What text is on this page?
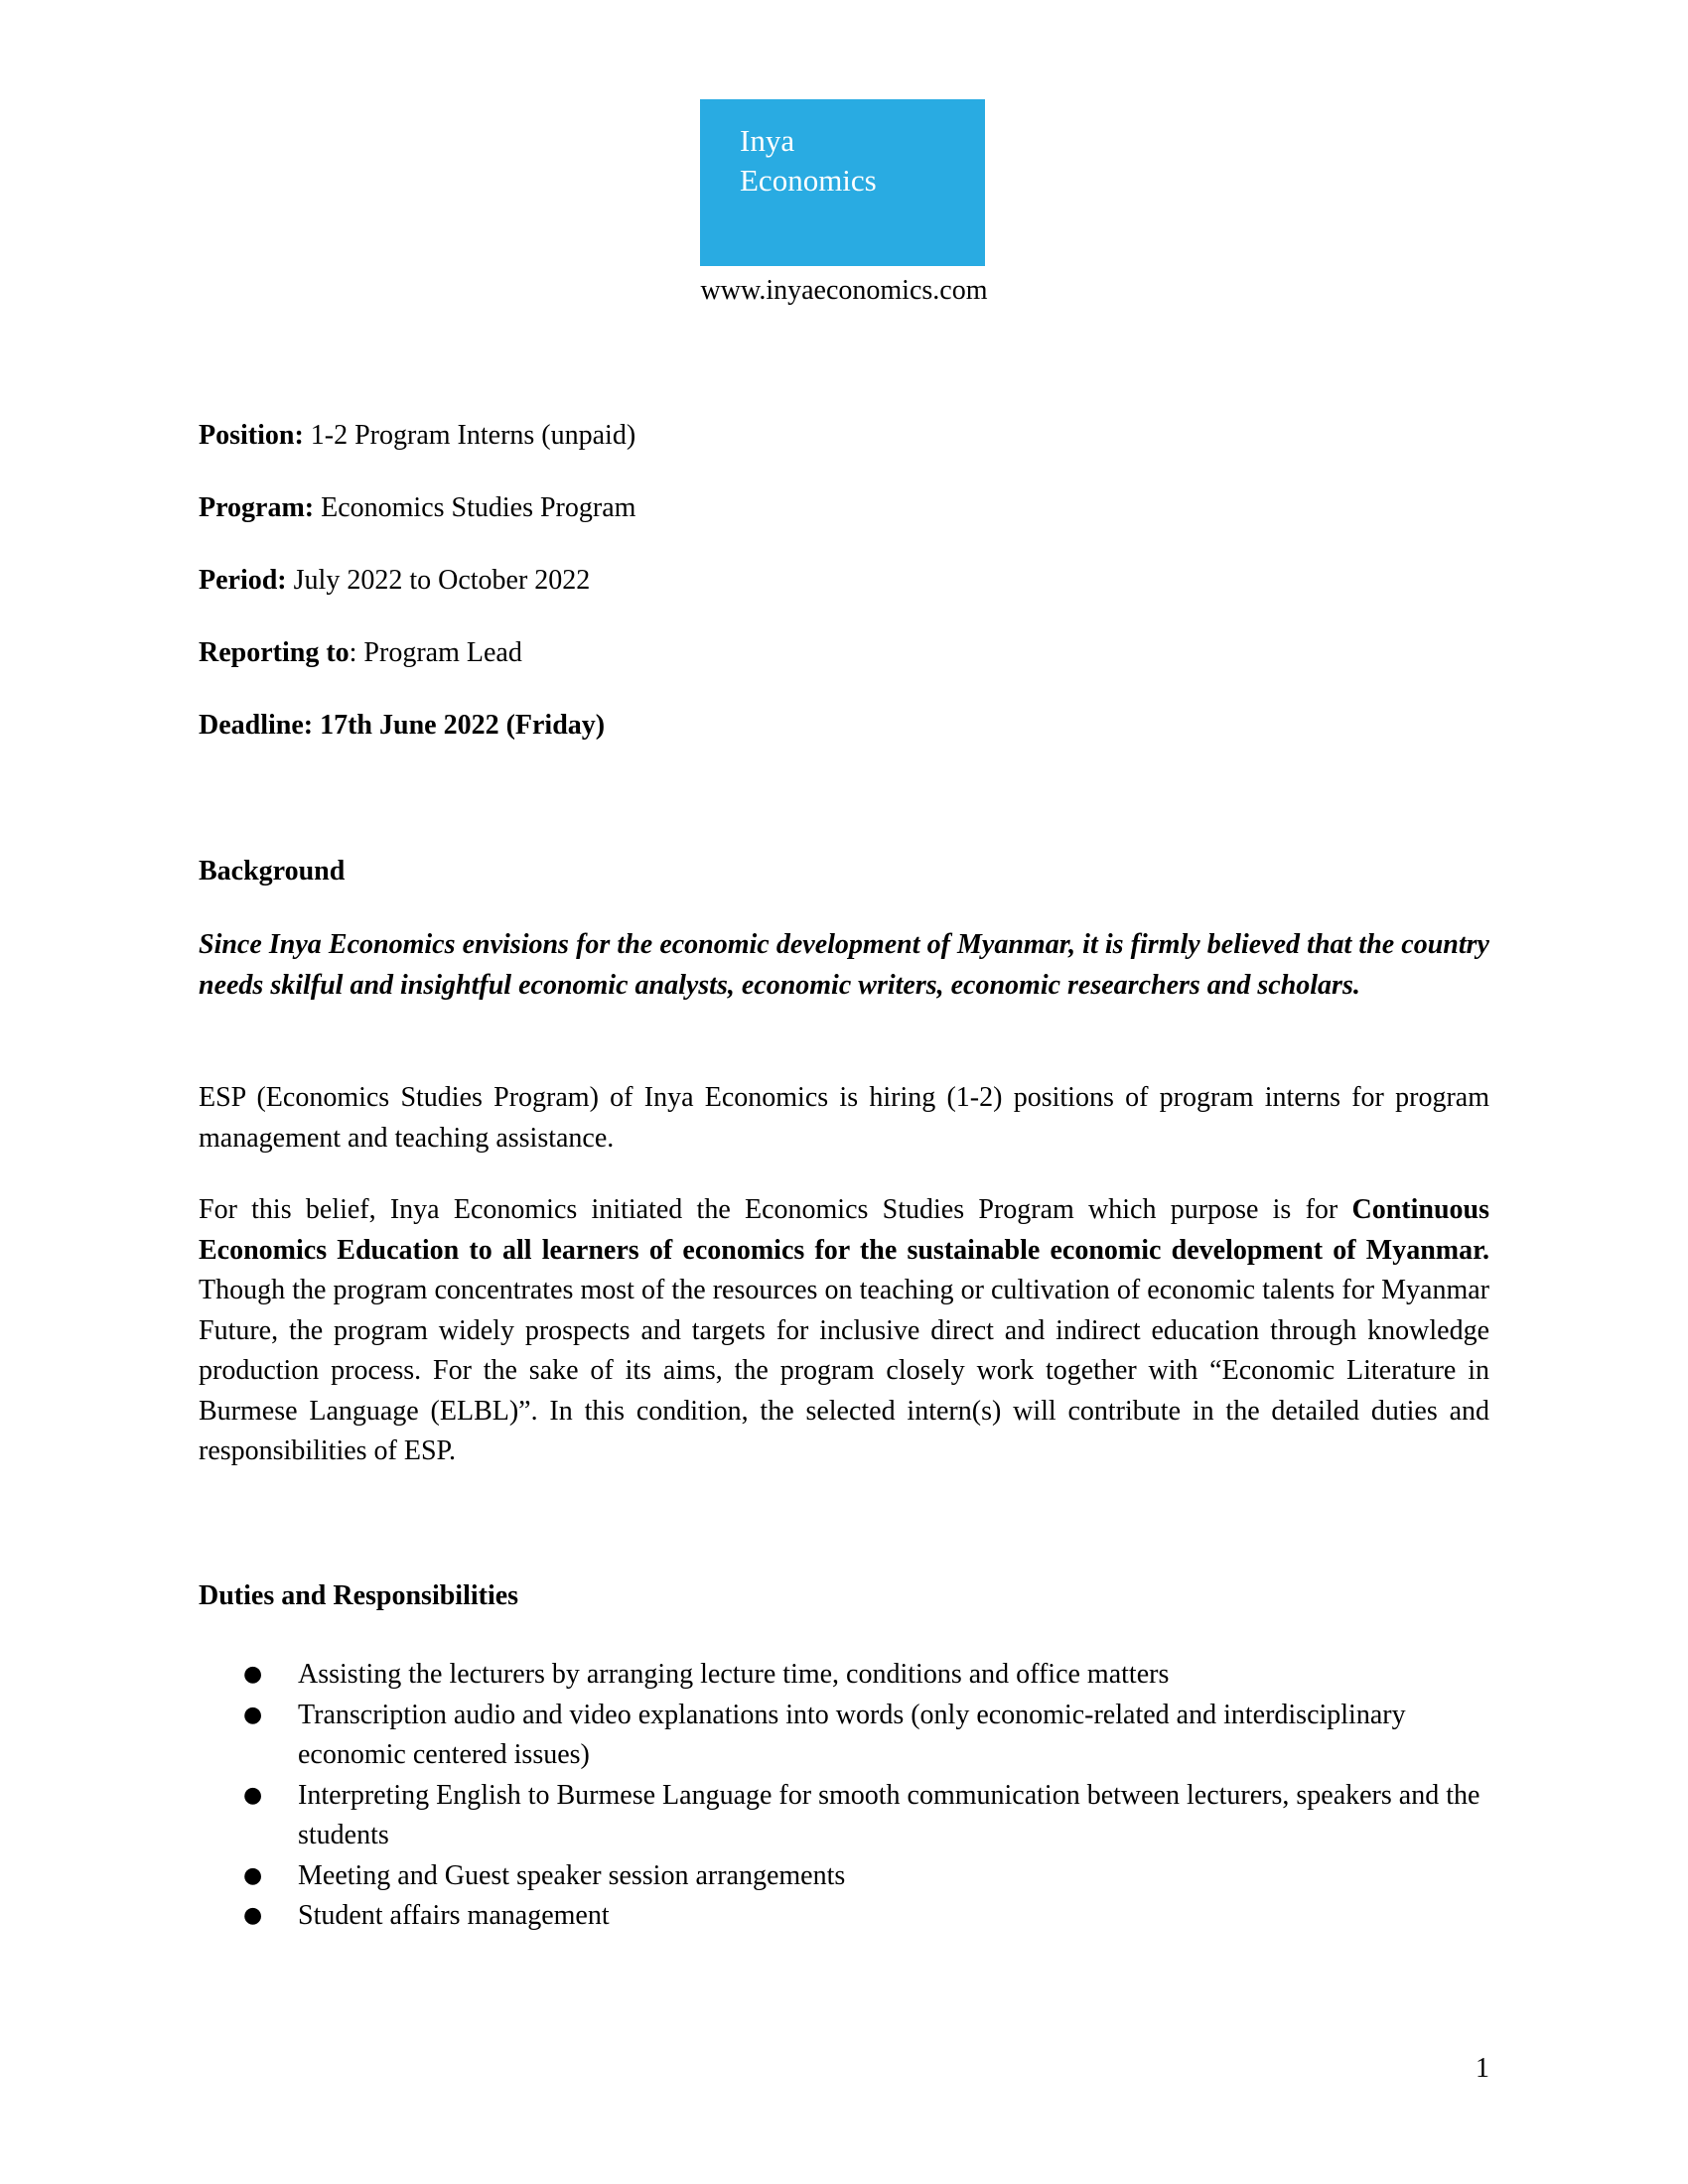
Inya
Economics
www.inyaeconomics.com
Position: 1-2 Program Interns (unpaid)
Program: Economics Studies Program
Period: July 2022 to October 2022
Reporting to: Program Lead
Deadline: 17th June 2022 (Friday)
Background
Since Inya Economics envisions for the economic development of Myanmar, it is firmly believed that the country needs skilful and insightful economic analysts, economic writers, economic researchers and scholars.
ESP (Economics Studies Program) of Inya Economics is hiring (1-2) positions of program interns for program management and teaching assistance.
For this belief, Inya Economics initiated the Economics Studies Program which purpose is for Continuous Economics Education to all learners of economics for the sustainable economic development of Myanmar. Though the program concentrates most of the resources on teaching or cultivation of economic talents for Myanmar Future, the program widely prospects and targets for inclusive direct and indirect education through knowledge production process. For the sake of its aims, the program closely work together with “Economic Literature in Burmese Language (ELBL)”. In this condition, the selected intern(s) will contribute in the detailed duties and responsibilities of ESP.
Duties and Responsibilities
● Assisting the lecturers by arranging lecture time, conditions and office matters
● Transcription audio and video explanations into words (only economic-related and interdisciplinary economic centered issues)
● Interpreting English to Burmese Language for smooth communication between lecturers, speakers and the students
● Meeting and Guest speaker session arrangements
● Student affairs management
1
